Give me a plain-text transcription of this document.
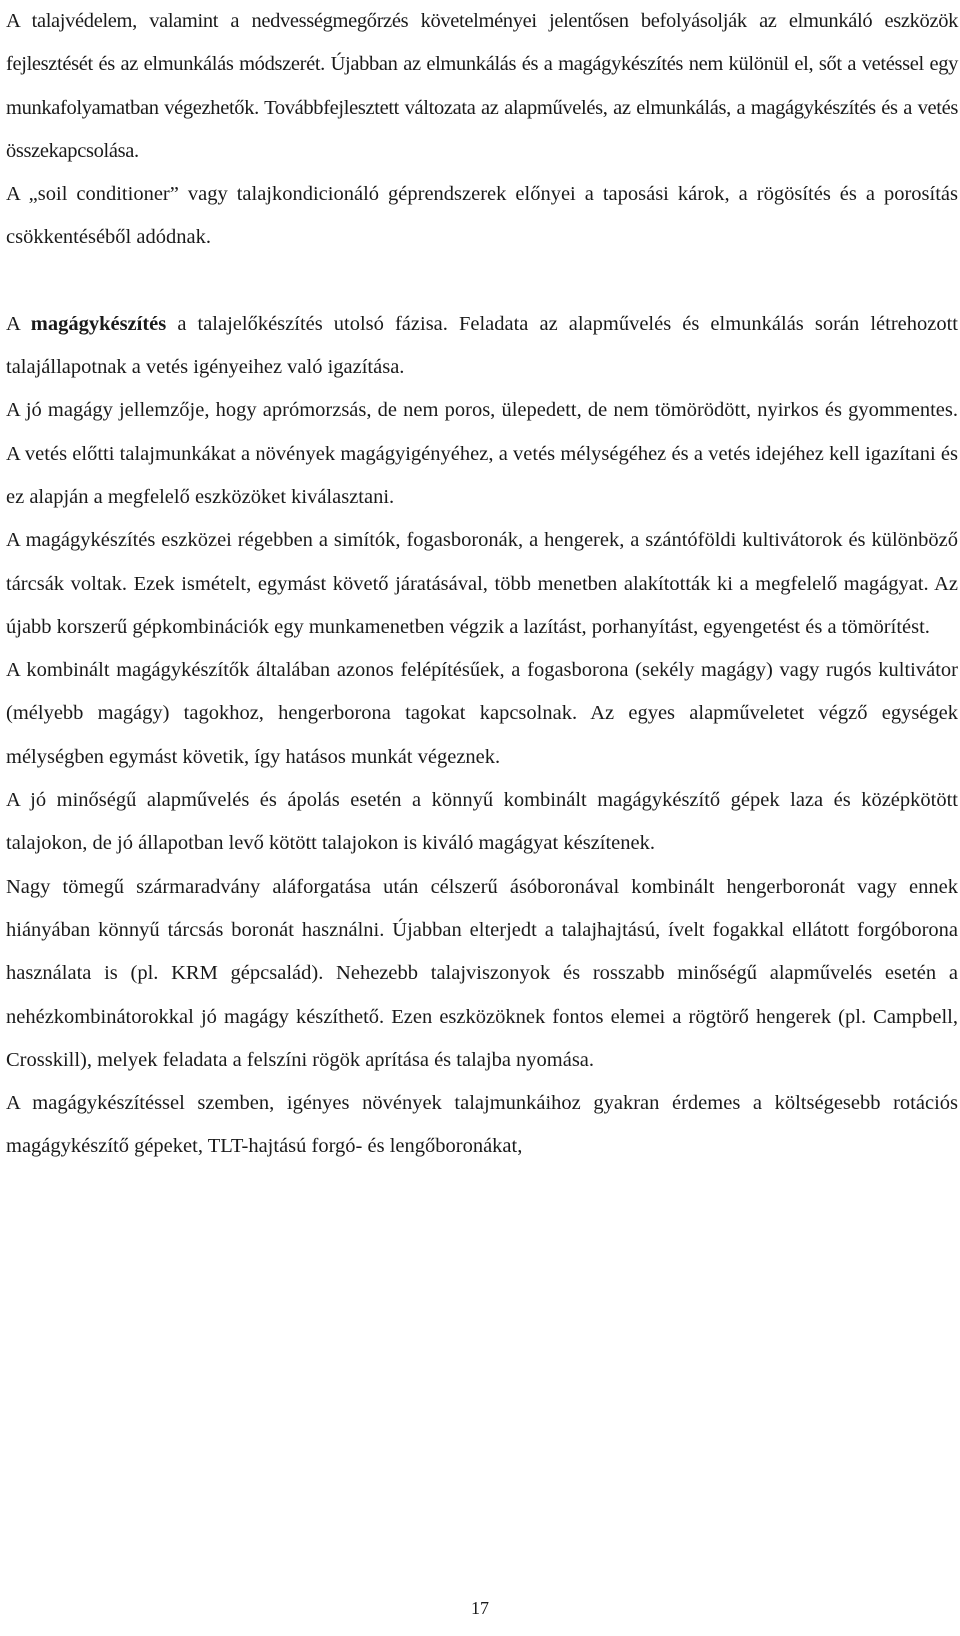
A talajvédelem, valamint a nedvességmegőrzés követelményei jelentősen befolyásolják az elmunkáló eszközök fejlesztését és az elmunkálás módszerét. Újabban az elmunkálás és a magágykészítés nem különül el, sőt a vetéssel egy munkafolyamatban végezhetők. Továbbfejlesztett változata az alapművelés, az elmunkálás, a magágykészítés és a vetés összekapcsolása.

A „soil conditioner” vagy talajkondicionáló géprendszerek előnyei a taposási károk, a rögösítés és a porosítás csökkentéséből adódnak.

A magágykészítés a talajelőkészítés utolsó fázisa. Feladata az alapművelés és elmunkálás során létrehozott talajállapotnak a vetés igényeihez való igazítása.

A jó magágy jellemzője, hogy aprómorzsás, de nem poros, ülepedett, de nem tömörödött, nyirkos és gyommentes. A vetés előtti talajmunkákat a növények magágyigényéhez, a vetés mélységéhez és a vetés idejéhez kell igazítani és ez alapján a megfelelő eszközöket kiválasztani.

A magágykészítés eszközei régebben a simítók, fogasboronák, a hengerek, a szántóföldi kultivátorok és különböző tárcsák voltak. Ezek ismételt, egymást követő járatásával, több menetben alakították ki a megfelelő magágyat. Az újabb korszerű gépkombinációk egy munkamenetben végzik a lazítást, porhanyítást, egyengetést és a tömörítést.

A kombinált magágykészítők általában azonos felépítésűek, a fogasborona (sekély magágy) vagy rugós kultivátor (mélyebb magágy) tagokhoz, hengerborona tagokat kapcsolnak. Az egyes alapműveletet végző egységek mélységben egymást követik, így hatásos munkát végeznek.

A jó minőségű alapművelés és ápolás esetén a könnyű kombinált magágykészítő gépek laza és középkötött talajokon, de jó állapotban levő kötött talajokon is kiváló magágyat készítenek.

Nagy tömegű szármaradvány aláforgatása után célszerű ásóboronával kombinált hengerboronát vagy ennek hiányában könnyű tárcsás boronát használni. Újabban elterjedt a talajhajtású, ívelt fogakkal ellátott forgóborona használata is (pl. KRM gépcsalád). Nehezebb talajviszonyok és rosszabb minőségű alapművelés esetén a nehézkombinátorokkal jó magágy készíthető. Ezen eszközöknek fontos elemei a rögtörő hengerek (pl. Campbell, Crosskill), melyek feladata a felszíni rögök aprítása és talajba nyomása.

A magágykészítéssel szemben, igényes növények talajmunkáihoz gyakran érdemes a költségesebb rotációs magágykészítő gépeket, TLT-hajtású forgó- és lengőboronákat,

17
